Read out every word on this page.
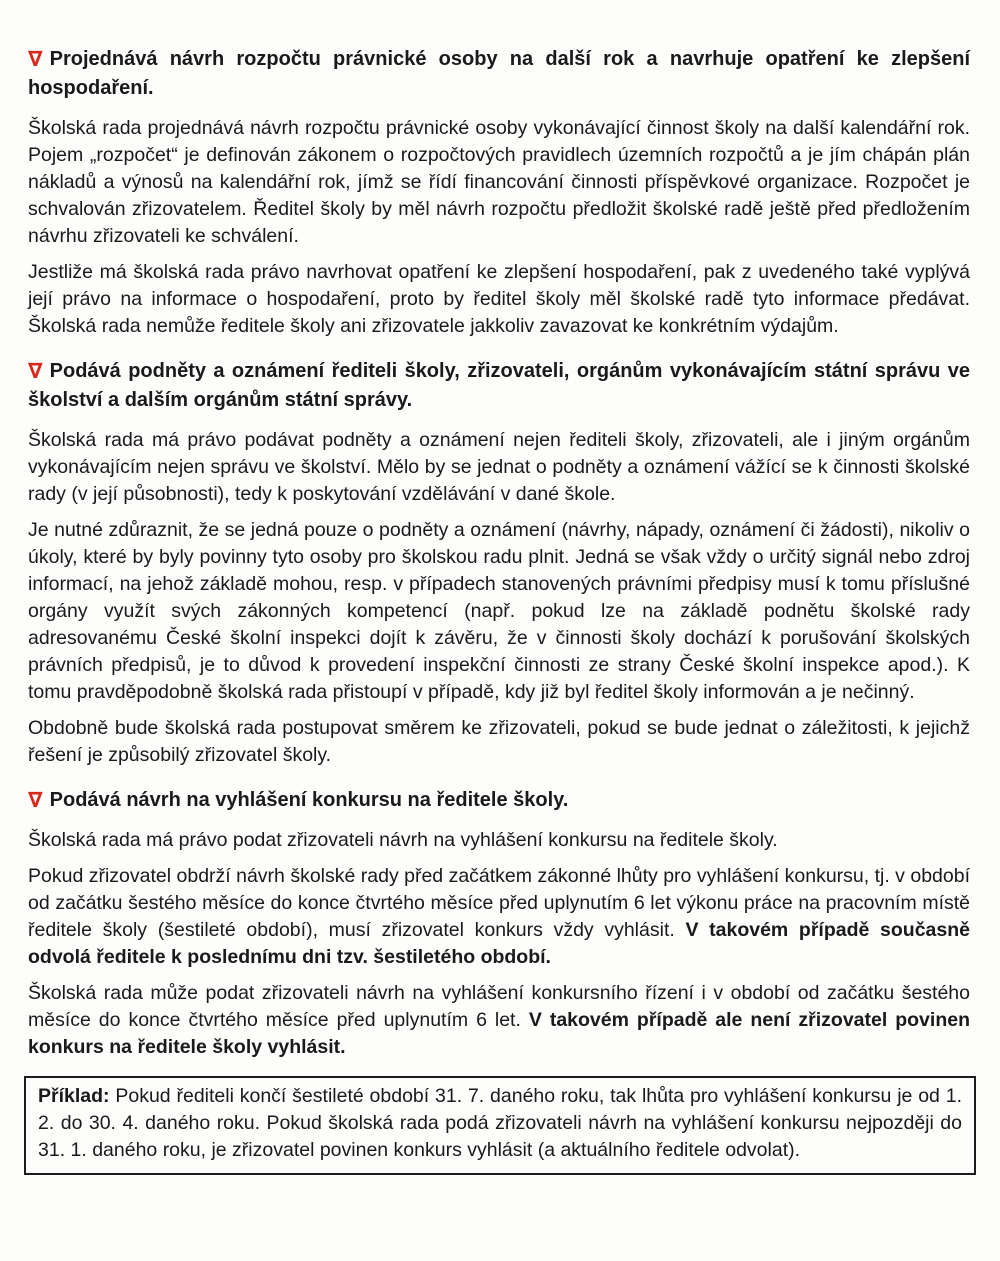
∇ Projednává návrh rozpočtu právnické osoby na další rok a navrhuje opatření ke zlepšení hospodaření.

Školská rada projednává návrh rozpočtu právnické osoby vykonávající činnost školy na další kalendářní rok. Pojem „rozpočet“ je definován zákonem o rozpočtových pravidlech územních rozpočtů a je jím chápán plán nákladů a výnosů na kalendářní rok, jímž se řídí financování činnosti příspěvkové organizace. Rozpočet je schvalován zřizovatelem. Ředitel školy by měl návrh rozpočtu předložit školské radě ještě před předložením návrhu zřizovateli ke schválení.

Jestliže má školská rada právo navrhovat opatření ke zlepšení hospodaření, pak z uvedeného také vyplývá její právo na informace o hospodaření, proto by ředitel školy měl školské radě tyto informace předávat. Školská rada nemůže ředitele školy ani zřizovatele jakkoliv zavazovat ke konkrétním výdajům.

∇ Podává podněty a oznámení řediteli školy, zřizovateli, orgánům vykonávajícím státní správu ve školství a dalším orgánům státní správy.

Školská rada má právo podávat podněty a oznámení nejen řediteli školy, zřizovateli, ale i jiným orgánům vykonávajícím nejen správu ve školství. Mělo by se jednat o podněty a oznámení vážící se k činnosti školské rady (v její působnosti), tedy k poskytování vzdělávání v dané škole.

Je nutné zdůraznit, že se jedná pouze o podněty a oznámení (návrhy, nápady, oznámení či žádosti), nikoliv o úkoly, které by byly povinny tyto osoby pro školskou radu plnit. Jedná se však vždy o určitý signál nebo zdroj informací, na jehož základě mohou, resp. v případech stanovených právními předpisy musí k tomu příslušné orgány využít svých zákonných kompetencí (např. pokud lze na základě podnětu školské rady adresovanému České školní inspekci dojít k závěru, že v činnosti školy dochází k porušování školských právních předpisů, je to důvod k provedení inspekční činnosti ze strany České školní inspekce apod.). K tomu pravděpodobně školská rada přistoupí v případě, kdy již byl ředitel školy informován a je nečinný.

Obdobně bude školská rada postupovat směrem ke zřizovateli, pokud se bude jednat o záležitosti, k jejichž řešení je způsobilý zřizovatel školy.

∇ Podává návrh na vyhlášení konkursu na ředitele školy.

Školská rada má právo podat zřizovateli návrh na vyhlášení konkursu na ředitele školy.

Pokud zřizovatel obdrží návrh školské rady před začátkem zákonné lhůty pro vyhlášení konkursu, tj. v období od začátku šestého měsíce do konce čtvrtého měsíce před uplynutím 6 let výkonu práce na pracovním místě ředitele školy (šestileté období), musí zřizovatel konkurs vždy vyhlásit. V takovém případě současně odvolá ředitele k poslednímu dni tzv. šestiletého období.

Školská rada může podat zřizovateli návrh na vyhlášení konkursního řízení i v období od začátku šestého měsíce do konce čtvrtého měsíce před uplynutím 6 let. V takovém případě ale není zřizovatel povinen konkurs na ředitele školy vyhlásit.

Příklad: Pokud řediteli končí šestileté období 31. 7. daného roku, tak lhůta pro vyhlášení konkursu je od 1. 2. do 30. 4. daného roku. Pokud školská rada podá zřizovateli návrh na vyhlášení konkursu nejpozději do 31. 1. daného roku, je zřizovatel povinen konkurs vyhlásit (a aktuálního ředitele odvolat).
